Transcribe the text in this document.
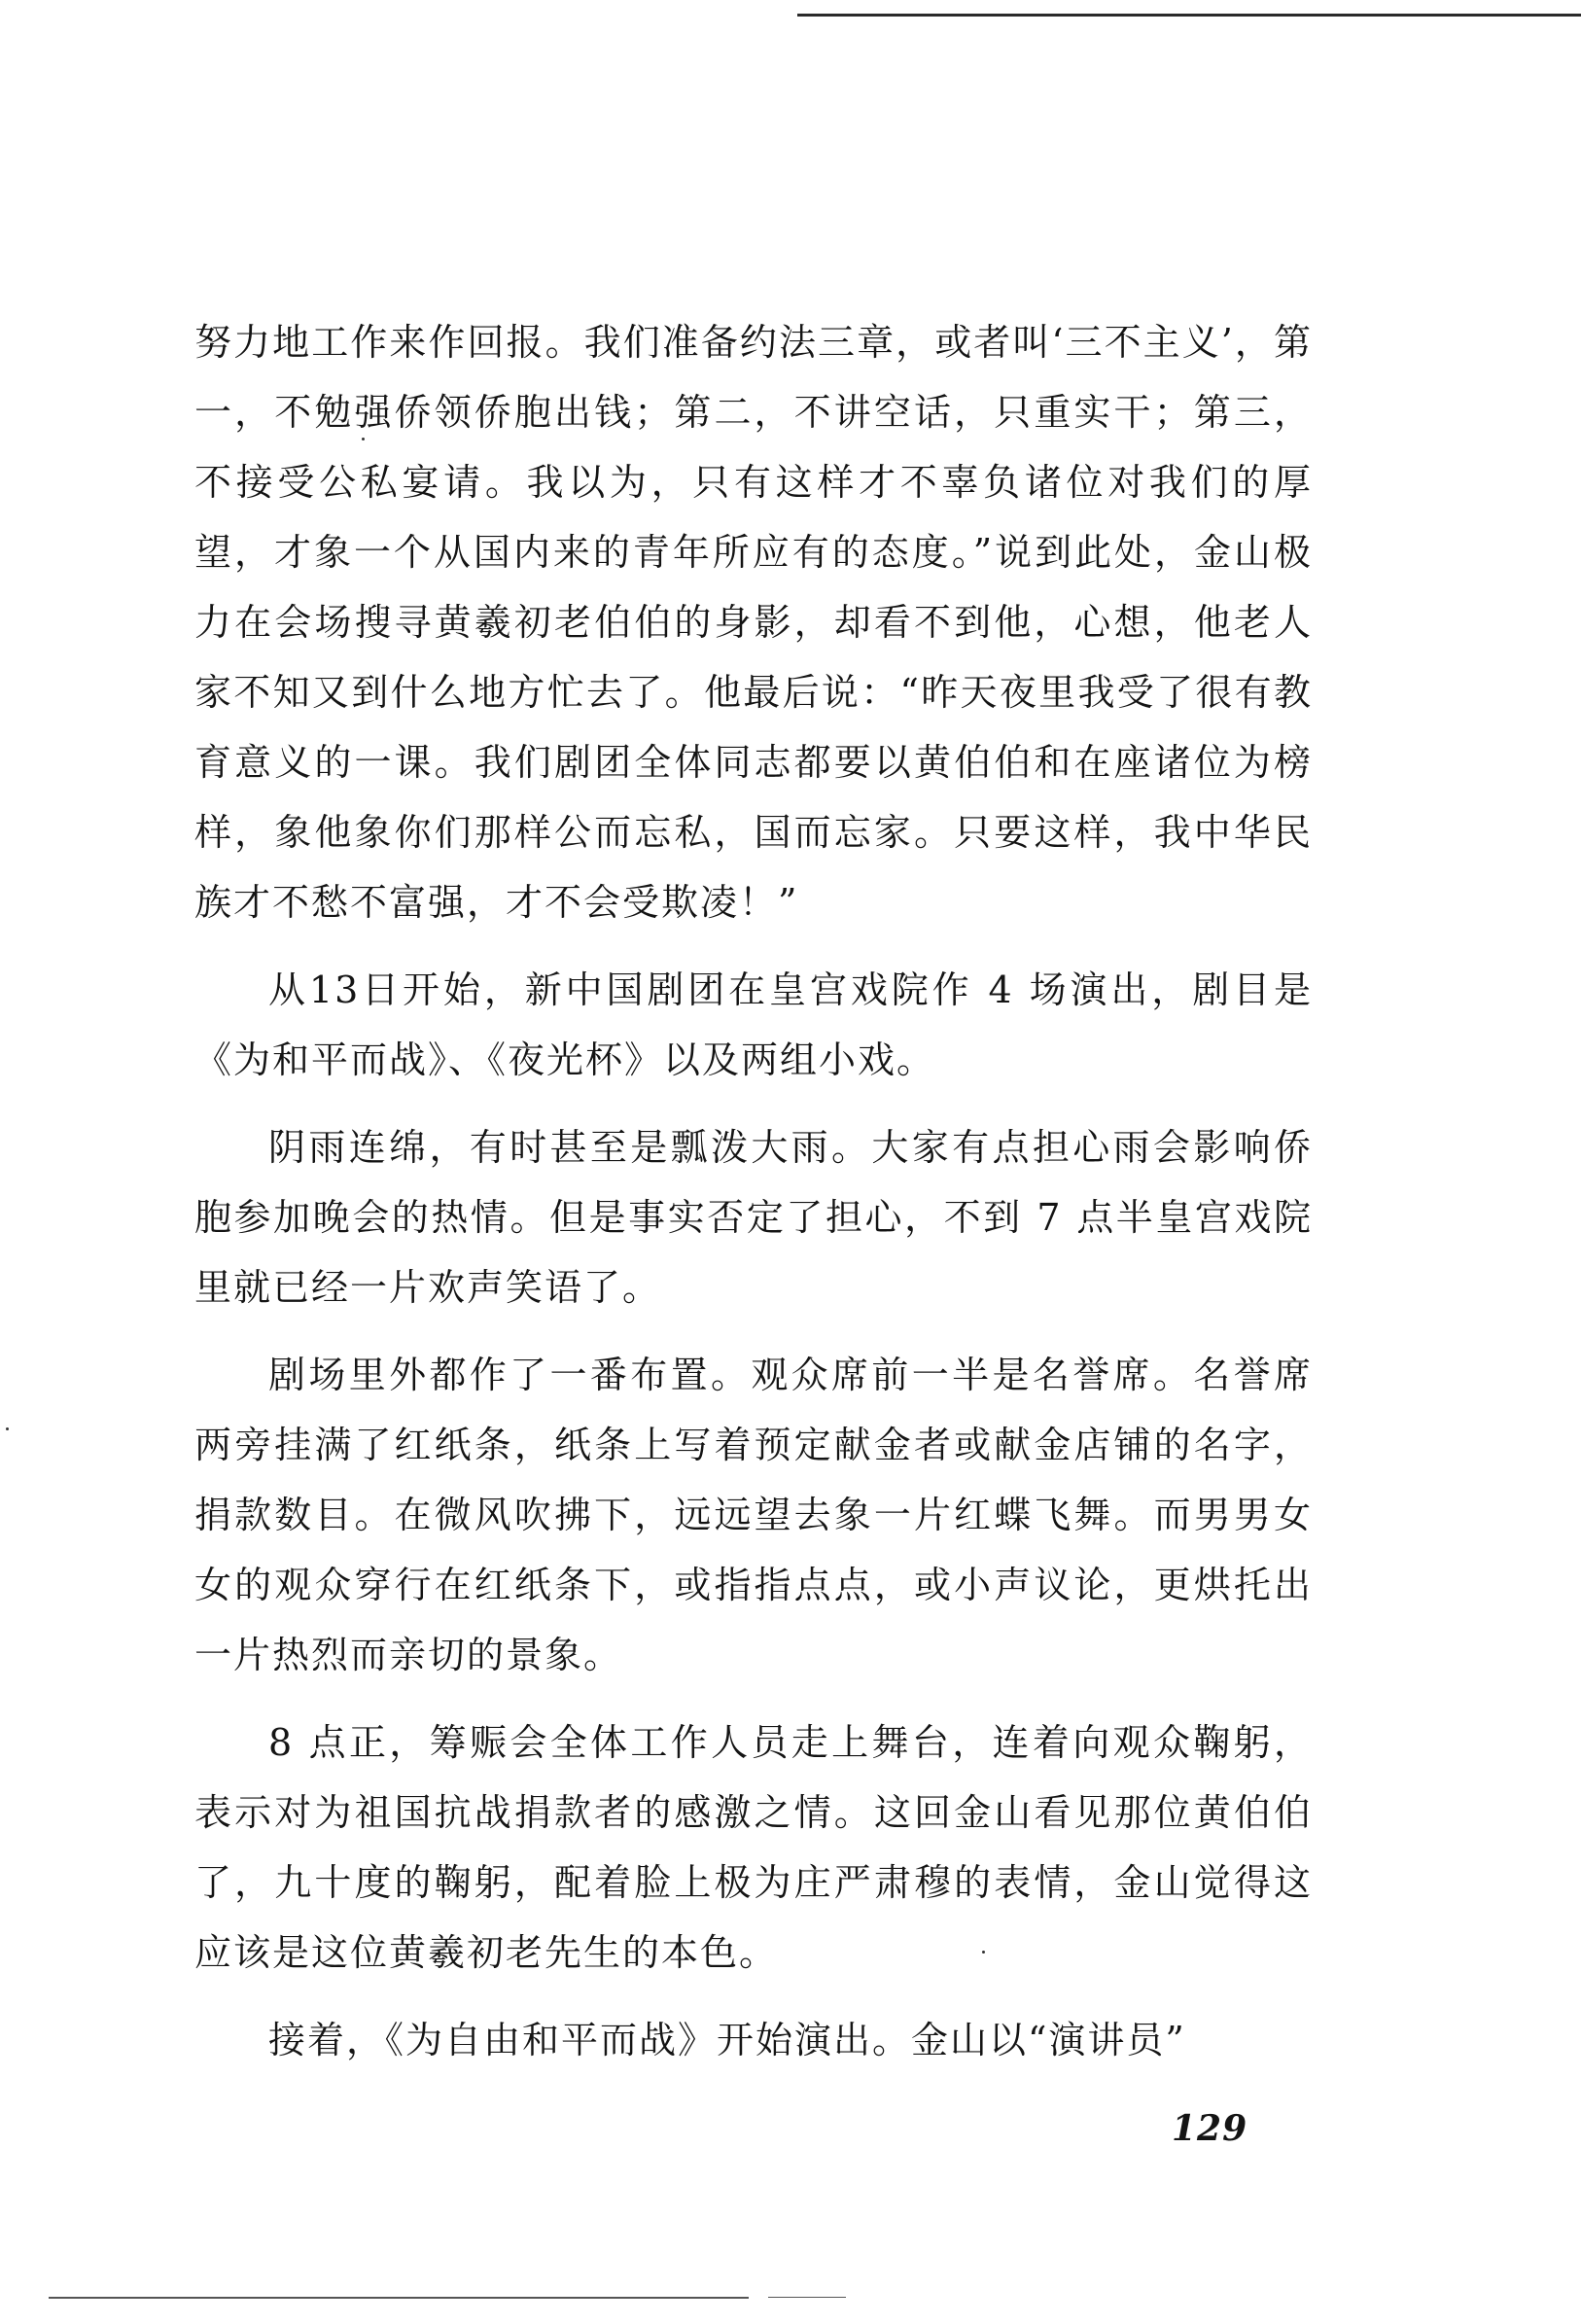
努力地工作来作回报。我们准备约法三章，或者叫‘三不主义’，第一，不勉强侨领侨胞出钱；第二，不讲空话，只重实干；第三，不接受公私宴请。我以为，只有这样才不辜负诸位对我们的厚望，才象一个从国内来的青年所应有的态度。”说到此处，金山极力在会场搜寻黄羲初老伯伯的身影，却看不到他，心想，他老人家不知又到什么地方忙去了。他最后说：“昨天夜里我受了很有教育意义的一课。我们剧团全体同志都要以黄伯伯和在座诸位为榜样，象他象你们那样公而忘私，国而忘家。只要这样，我中华民族才不愁不富强，才不会受欺凌！”

从13日开始，新中国剧团在皇宫戏院作 4 场演出，剧目是《为和平而战》、《夜光杯》以及两组小戏。

阴雨连绵，有时甚至是瓢泼大雨。大家有点担心雨会影响侨胞参加晚会的热情。但是事实否定了担心，不到 7 点半皇宫戏院里就已经一片欢声笑语了。

剧场里外都作了一番布置。观众席前一半是名誉席。名誉席两旁挂满了红纸条，纸条上写着预定献金者或献金店铺的名字，捐款数目。在微风吹拂下，远远望去象一片红蝶飞舞。而男男女女的观众穿行在红纸条下，或指指点点，或小声议论，更烘托出一片热烈而亲切的景象。

8 点正，筹赈会全体工作人员走上舞台，连着向观众鞠躬，表示对为祖国抗战捐款者的感激之情。这回金山看见那位黄伯伯了，九十度的鞠躬，配着脸上极为庄严肃穆的表情，金山觉得这应该是这位黄羲初老先生的本色。

接着，《为自由和平而战》开始演出。金山以“演讲员”

129
